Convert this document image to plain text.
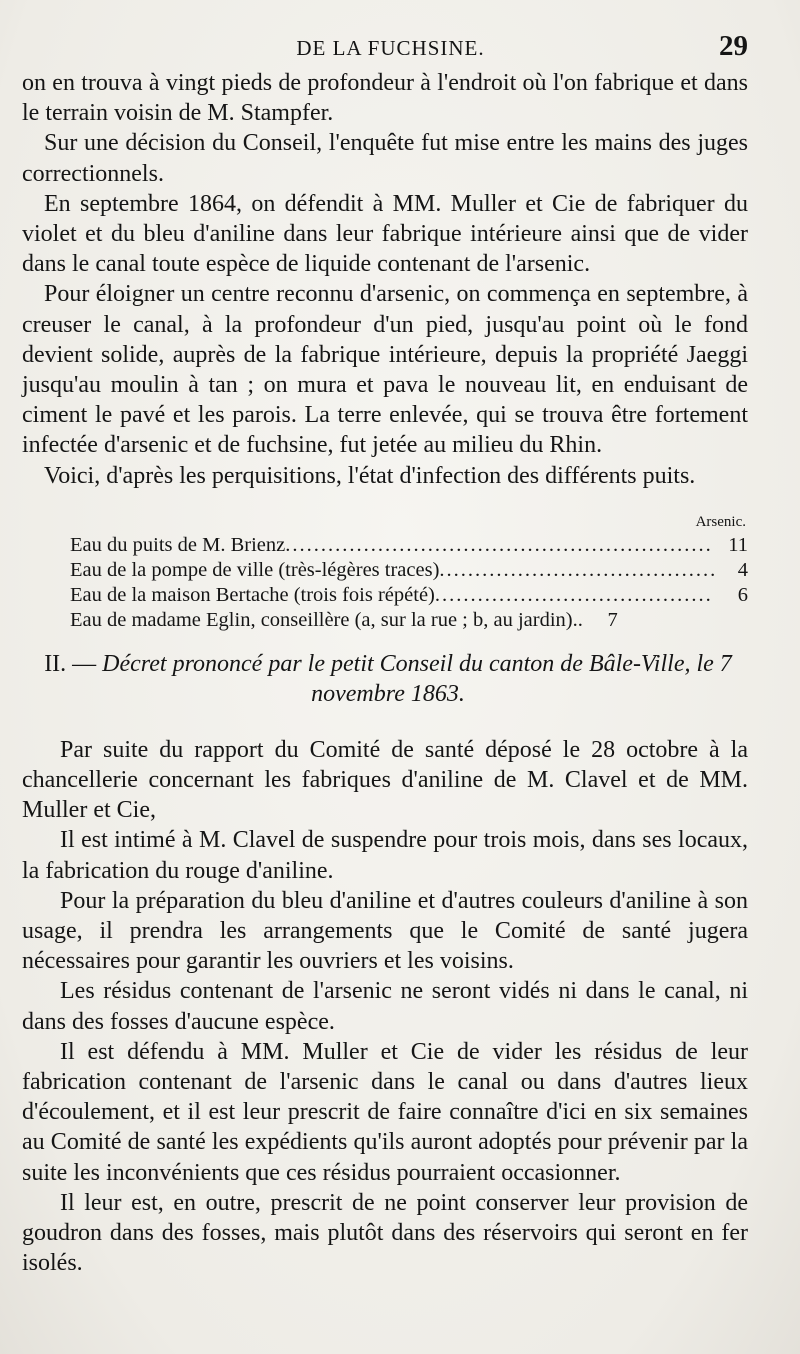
DE LA FUCHSINE.	29

on en trouva à vingt pieds de profondeur à l'endroit où l'on fabrique et dans le terrain voisin de M. Stampfer.

Sur une décision du Conseil, l'enquête fut mise entre les mains des juges correctionnels.

En septembre 1864, on défendit à MM. Muller et Cie de fabriquer du violet et du bleu d'aniline dans leur fabrique intérieure ainsi que de vider dans le canal toute espèce de liquide contenant de l'arsenic.

Pour éloigner un centre reconnu d'arsenic, on commença en septembre, à creuser le canal, à la profondeur d'un pied, jusqu'au point où le fond devient solide, auprès de la fabrique intérieure, depuis la propriété Jaeggi jusqu'au moulin à tan ; on mura et pava le nouveau lit, en enduisant de ciment le pavé et les parois. La terre enlevée, qui se trouva être fortement infectée d'arsenic et de fuchsine, fut jetée au milieu du Rhin.

Voici, d'après les perquisitions, l'état d'infection des différents puits.

Arsenic.
Eau du puits de M. Brienz .....	11
Eau de la pompe de ville (très-légères traces) .....	4
Eau de la maison Bertache (trois fois répété) .....	6
Eau de madame Eglin, conseillère (a, sur la rue ; b, au jardin). .....	7
II. — Décret prononcé par le petit Conseil du canton de Bâle-Ville, le 7 novembre 1863.

Par suite du rapport du Comité de santé déposé le 28 octobre à la chancellerie concernant les fabriques d'aniline de M. Clavel et de MM. Muller et Cie,

Il est intimé à M. Clavel de suspendre pour trois mois, dans ses locaux, la fabrication du rouge d'aniline.

Pour la préparation du bleu d'aniline et d'autres couleurs d'aniline à son usage, il prendra les arrangements que le Comité de santé jugera nécessaires pour garantir les ouvriers et les voisins.

Les résidus contenant de l'arsenic ne seront vidés ni dans le canal, ni dans des fosses d'aucune espèce.

Il est défendu à MM. Muller et Cie de vider les résidus de leur fabrication contenant de l'arsenic dans le canal ou dans d'autres lieux d'écoulement, et il est leur prescrit de faire connaître d'ici en six semaines au Comité de santé les expédients qu'ils auront adoptés pour prévenir par la suite les inconvénients que ces résidus pourraient occasionner.

Il leur est, en outre, prescrit de ne point conserver leur provision de goudron dans des fosses, mais plutôt dans des réservoirs qui seront en fer isolés.
